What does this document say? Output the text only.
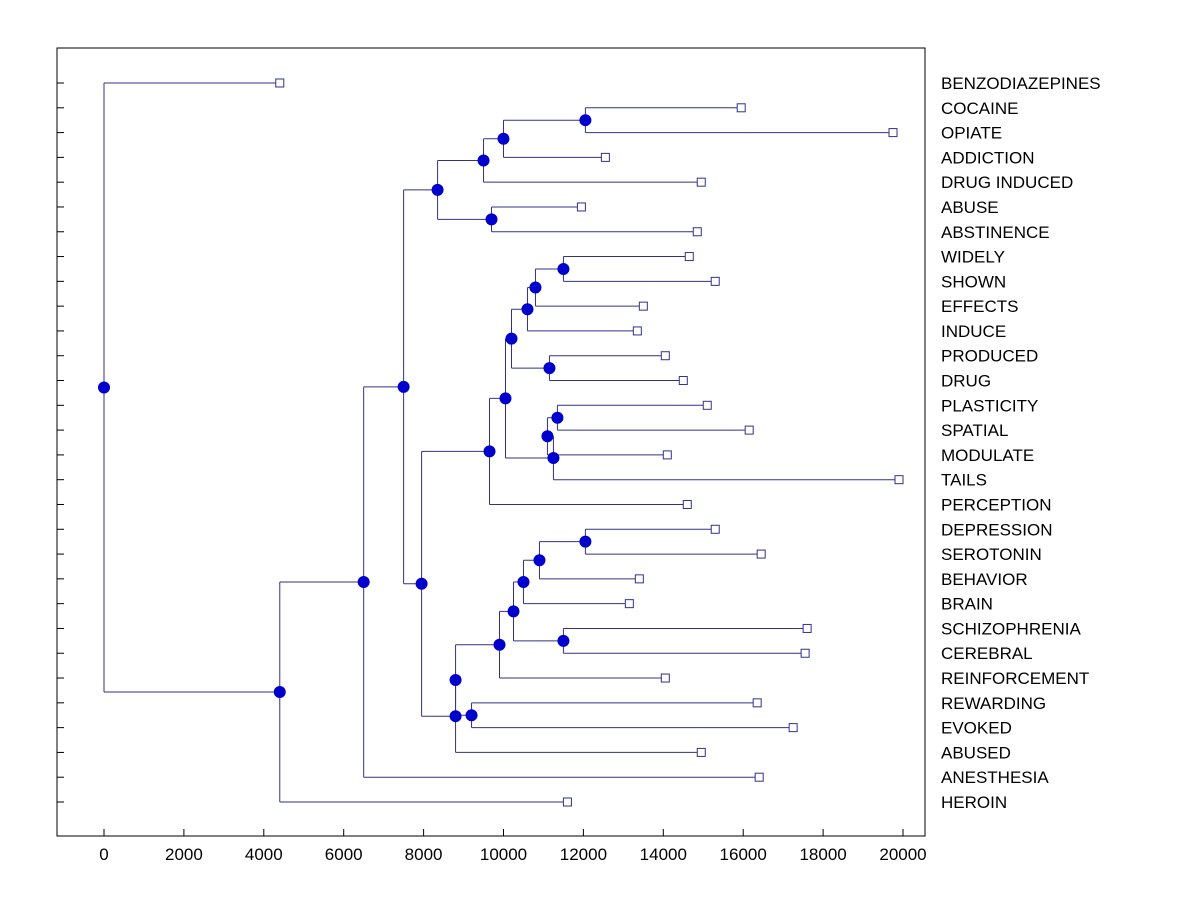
0	2000 4000 6000 8000 10000 12000 14000 16000 18000 20000
BENZODIAZEPINES
COCAINE
OPIATE
ADDICTION
DRUG INDUCED
ABUSE
ABSTINENCE
WIDELY
SHOWN
EFFECTS
INDUCE
PRODUCED
DRUG
PLASTICITY
SPATIAL
MODULATE
TAILS
PERCEPTION
DEPRESSION
SEROTONIN
BEHAVIOR
BRAIN
SCHIZOPHRENIA
CEREBRAL
REINFORCEMENT
REWARDING
EVOKED
ABUSED
ANESTHESIA
HEROIN
